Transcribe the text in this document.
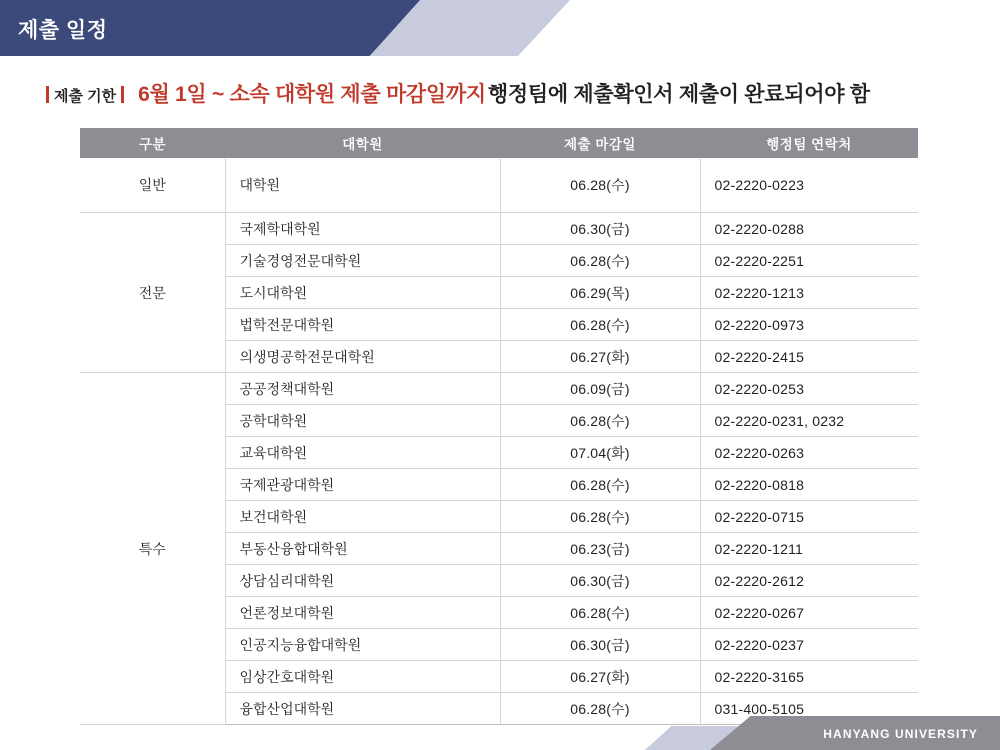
제출 일정
제출 기한 6월 1일 ~ 소속 대학원 제출 마감일까지 행정팀에 제출확인서 제출이 완료되어야 함
구분	대학원	제출 마감일	행정팀 연락처
일반	대학원	06.28(수)	02-2220-0223
전문	국제학대학원	06.30(금)	02-2220-0288
	기술경영전문대학원	06.28(수)	02-2220-2251
	도시대학원	06.29(목)	02-2220-1213
	법학전문대학원	06.28(수)	02-2220-0973
	의생명공학전문대학원	06.27(화)	02-2220-2415
특수	공공정책대학원	06.09(금)	02-2220-0253
	공학대학원	06.28(수)	02-2220-0231, 0232
	교육대학원	07.04(화)	02-2220-0263
	국제관광대학원	06.28(수)	02-2220-0818
	보건대학원	06.28(수)	02-2220-0715
	부동산융합대학원	06.23(금)	02-2220-1211
	상담심리대학원	06.30(금)	02-2220-2612
	언론정보대학원	06.28(수)	02-2220-0267
	인공지능융합대학원	06.30(금)	02-2220-0237
	임상간호대학원	06.27(화)	02-2220-3165
	융합산업대학원	06.28(수)	031-400-5105
HANYANG UNIVERSITY
